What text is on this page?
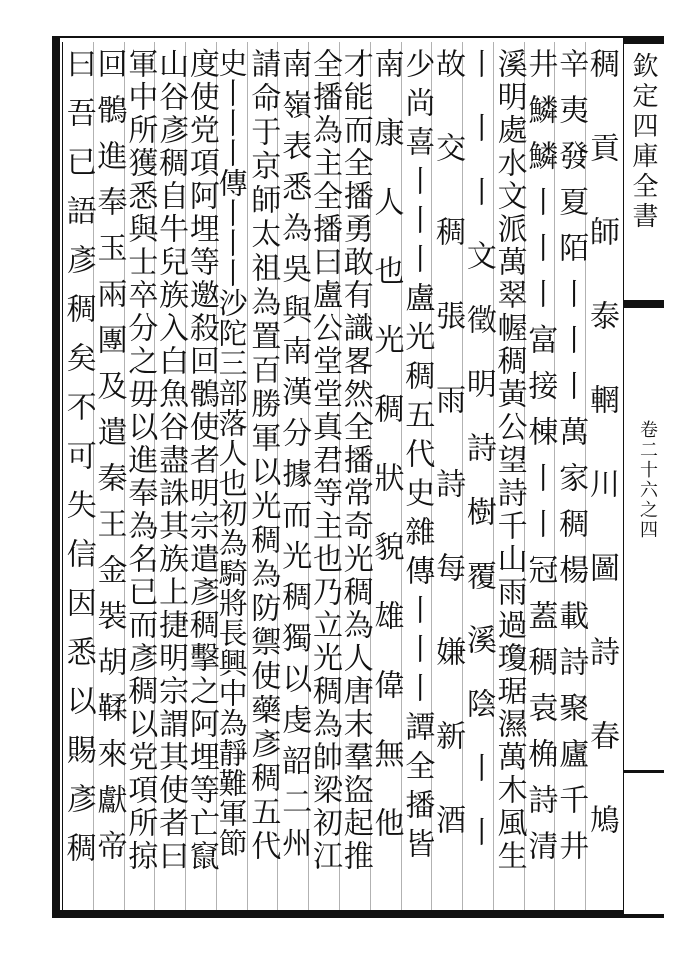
欽定四庫全書
卷二十六之四
稠貢師泰輞川圖詩春鳩
辛夷發夏陌丨丨丨萬家稠楊載詩聚廬千井
井鱗鱗丨丨丨富接棟丨丨冠蓋稠袁桷詩清
溪明處水文派萬翠幄稠黃公望詩千山雨過瓊琚濕萬木風生
丨丨丨文徵明詩樹覆溪陰丨丨
故交稠張雨詩每嫌新酒
少尚喜丨丨丨盧光稠五代史雜傳丨丨丨譚全播皆
南康人也光稠狀貌雄偉無他
才能而全播勇敢有識畧然全播常奇光稠為人唐末羣盜起推
全播為主全播曰盧公堂堂真君等主也乃立光稠為帥梁初江
南嶺表悉為吳與南漢分據而光稠獨以虔韶二州
請命于京師太祖為置百勝軍以光稠為防禦使藥彥稠五代
史丨丨丨傳丨丨丨沙陀三部落人也初為騎將長興中為靜難軍節
度使党項阿埋等邀殺回鶻使者明宗遣彥稠擊之阿埋等亡竄
山谷彥稠自牛兒族入白魚谷盡誅其族上捷明宗謂其使者曰
軍中所獲悉與士卒分之毋以進奉為名已而彥稠以党項所掠
回鶻進奉玉兩團及遣秦王金裝胡鞣來獻帝
曰吾已語彥稠矣不可失信因悉以賜彥稠
